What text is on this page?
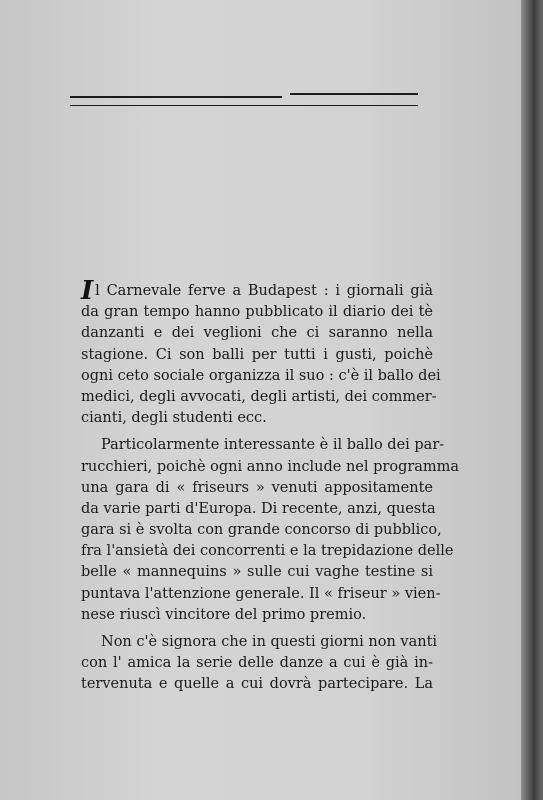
Il Carnevale ferve a Budapest : i giornali già
da gran tempo hanno pubblicato il diario dei tè
danzanti e dei veglioni che ci saranno nella
stagione. Ci son balli per tutti i gusti, poichè
ogni ceto sociale organizza il suo : c'è il ballo dei
medici, degli avvocati, degli artisti, dei commer-
cianti, degli studenti ecc.
Particolarmente interessante è il ballo dei par-
rucchieri, poichè ogni anno include nel programma
una gara di « friseurs » venuti appositamente
da varie parti d'Europa. Di recente, anzi, questa
gara si è svolta con grande concorso di pubblico,
fra l'ansietà dei concorrenti e la trepidazione delle
belle « mannequins » sulle cui vaghe testine si
puntava l'attenzione generale. Il « friseur » vien-
nese riuscì vincitore del primo premio.
Non c'è signora che in questi giorni non vanti
con l' amica la serie delle danze a cui è già in-
tervenuta e quelle a cui dovrà partecipare. La
